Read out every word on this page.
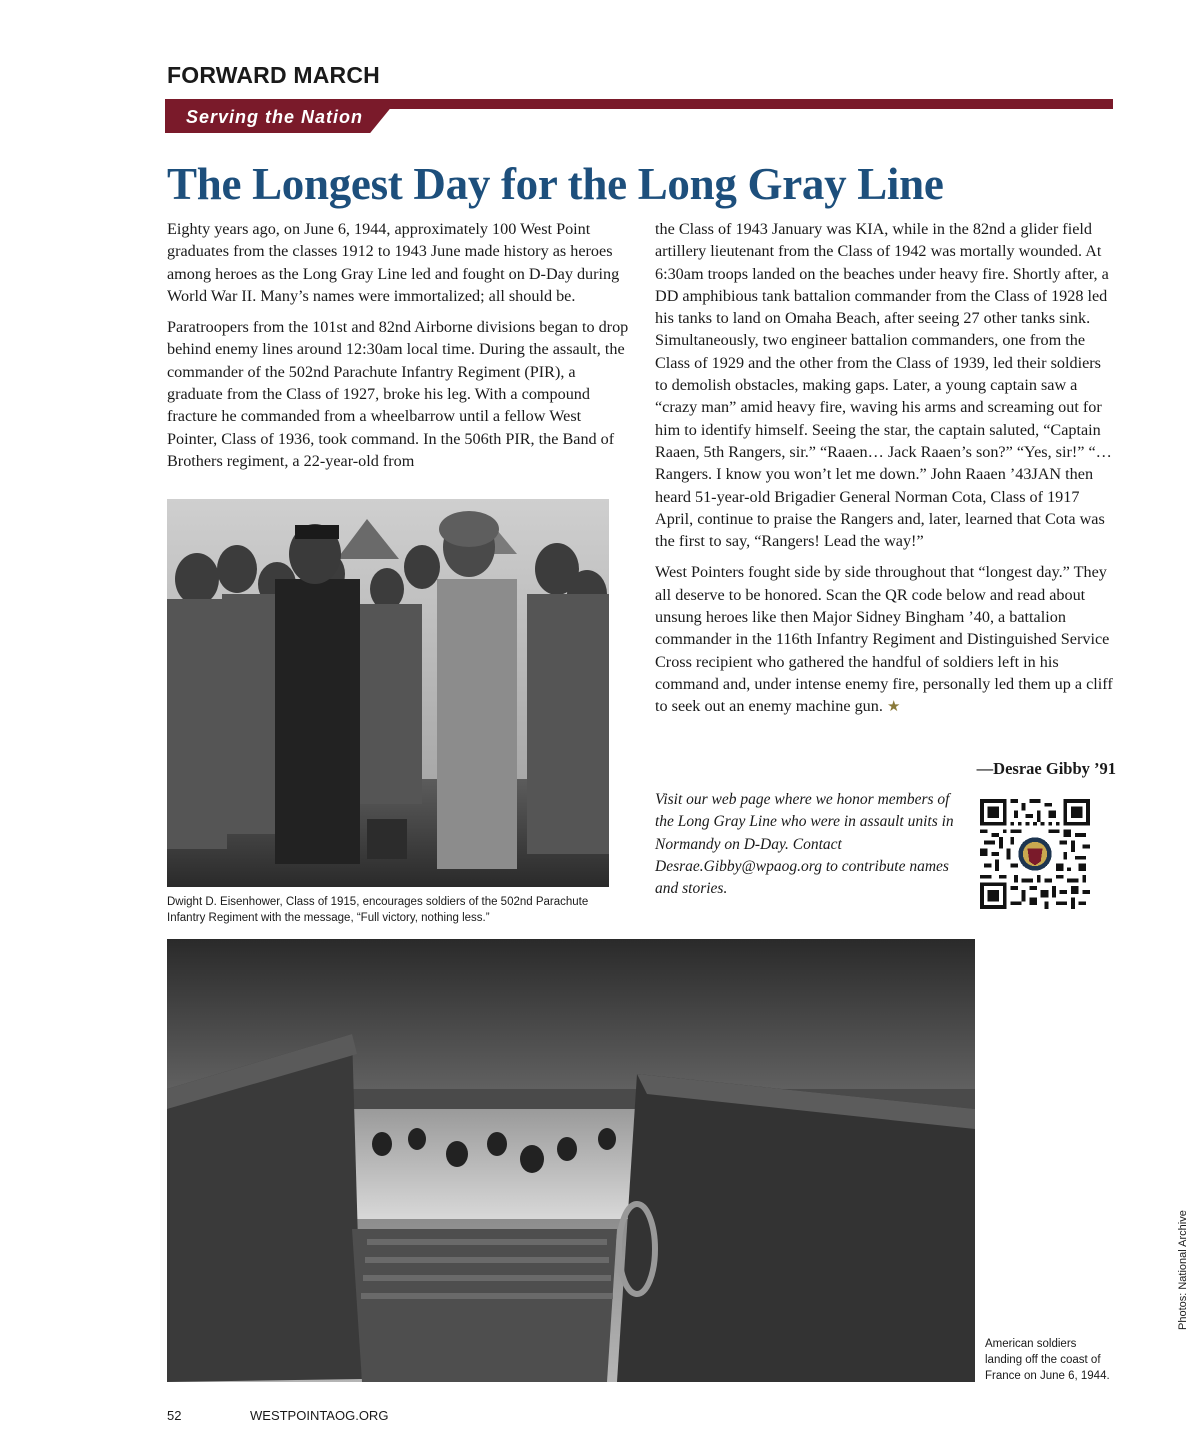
FORWARD MARCH

Serving the Nation

The Longest Day for the Long Gray Line

Eighty years ago, on June 6, 1944, approximately 100 West Point graduates from the classes 1912 to 1943 June made history as heroes among heroes as the Long Gray Line led and fought on D-Day during World War II. Many’s names were immortalized; all should be.

Paratroopers from the 101st and 82nd Airborne divisions began to drop behind enemy lines around 12:30am local time. During the assault, the commander of the 502nd Parachute Infantry Regiment (PIR), a graduate from the Class of 1927, broke his leg. With a compound fracture he commanded from a wheelbarrow until a fellow West Pointer, Class of 1936, took command. In the 506th PIR, the Band of Brothers regiment, a 22-year-old from

the Class of 1943 January was KIA, while in the 82nd a glider field artillery lieutenant from the Class of 1942 was mortally wounded. At 6:30am troops landed on the beaches under heavy fire. Shortly after, a DD amphibious tank battalion commander from the Class of 1928 led his tanks to land on Omaha Beach, after seeing 27 other tanks sink. Simultaneously, two engineer battalion commanders, one from the Class of 1929 and the other from the Class of 1939, led their soldiers to demolish obstacles, making gaps. Later, a young captain saw a “crazy man” amid heavy fire, waving his arms and screaming out for him to identify himself. Seeing the star, the captain saluted, “Captain Raaen, 5th Rangers, sir.” “Raaen… Jack Raaen’s son?” “Yes, sir!” “…Rangers. I know you won’t let me down.” John Raaen ’43JAN then heard 51-year-old Brigadier General Norman Cota, Class of 1917 April, continue to praise the Rangers and, later, learned that Cota was the first to say, “Rangers! Lead the way!”

West Pointers fought side by side throughout that “longest day.” They all deserve to be honored. Scan the QR code below and read about unsung heroes like then Major Sidney Bingham ’40, a battalion commander in the 116th Infantry Regiment and Distinguished Service Cross recipient who gathered the handful of soldiers left in his command and, under intense enemy fire, personally led them up a cliff to seek out an enemy machine gun. ★

—Desrae Gibby ’91

Visit our web page where we honor members of the Long Gray Line who were in assault units in Normandy on D-Day. Contact Desrae.Gibby@wpaog.org to contribute names and stories.

Dwight D. Eisenhower, Class of 1915, encourages soldiers of the 502nd Parachute Infantry Regiment with the message, “Full victory, nothing less.”

American soldiers landing off the coast of France on June 6, 1944.

Photos: National Archive

52	WESTPOINTAOG.ORG
